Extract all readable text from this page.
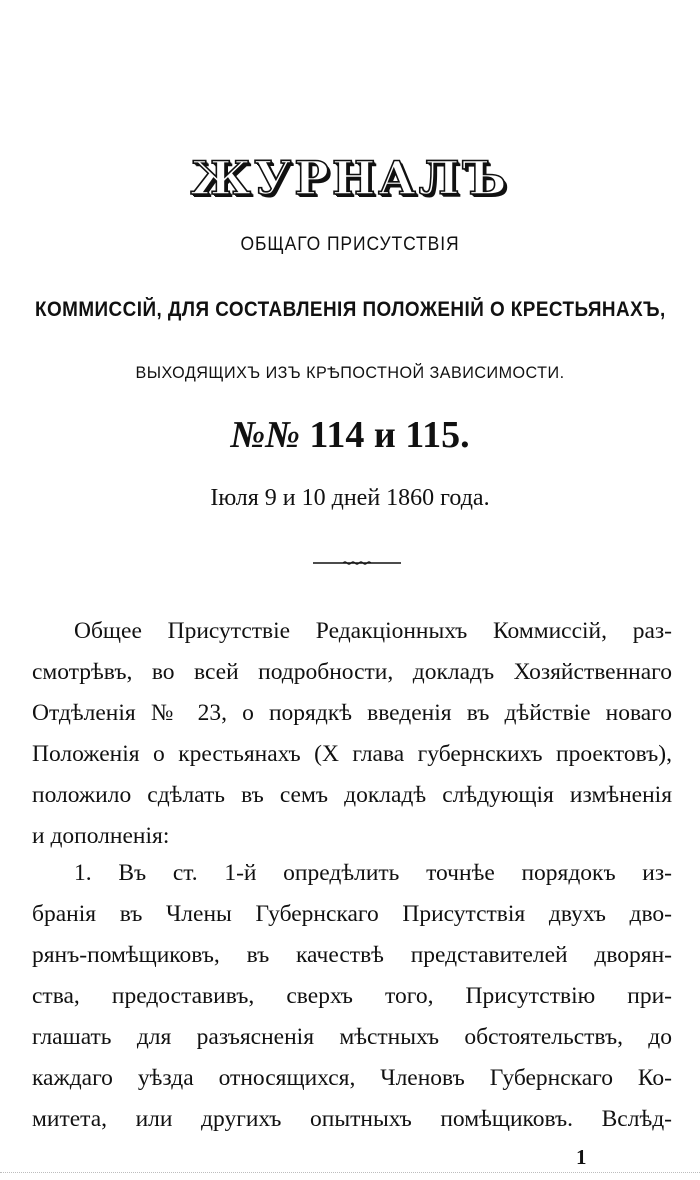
ЖУРНАЛЪ
ОБЩАГО ПРИСУТСТВІЯ
КОММИССІЙ, ДЛЯ СОСТАВЛЕНІЯ ПОЛОЖЕНІЙ О КРЕСТЬЯНАХЪ,
ВЫХОДЯЩИХЪ ИЗЪ КРѢПОСТНОЙ ЗАВИСИМОСТИ.
№№ 114 и 115.
Іюля 9 и 10 дней 1860 года.
Общее Присутствіе Редакціонныхъ Коммиссій, раз-
смотрѣвъ, во всей подробности, докладъ Хозяйственнаго
Отдѣленія № 23, о порядкѣ введенія въ дѣйствіе новаго
Положенія о крестьянахъ (X глава губернскихъ проектовъ),
положило сдѣлать въ семъ докладѣ слѣдующія измѣненія
и дополненія:
1. Въ ст. 1-й опредѣлить точнѣе порядокъ из-
бранія въ Члены Губернскаго Присутствія двухъ дво-
рянъ-помѣщиковъ, въ качествѣ представителей дворян-
ства, предоставивъ, сверхъ того, Присутствію при-
глашать для разъясненія мѣстныхъ обстоятельствъ, до
каждаго уѣзда относящихся, Членовъ Губернскаго Ко-
митета, или другихъ опытныхъ помѣщиковъ. Вслѣд-
1
